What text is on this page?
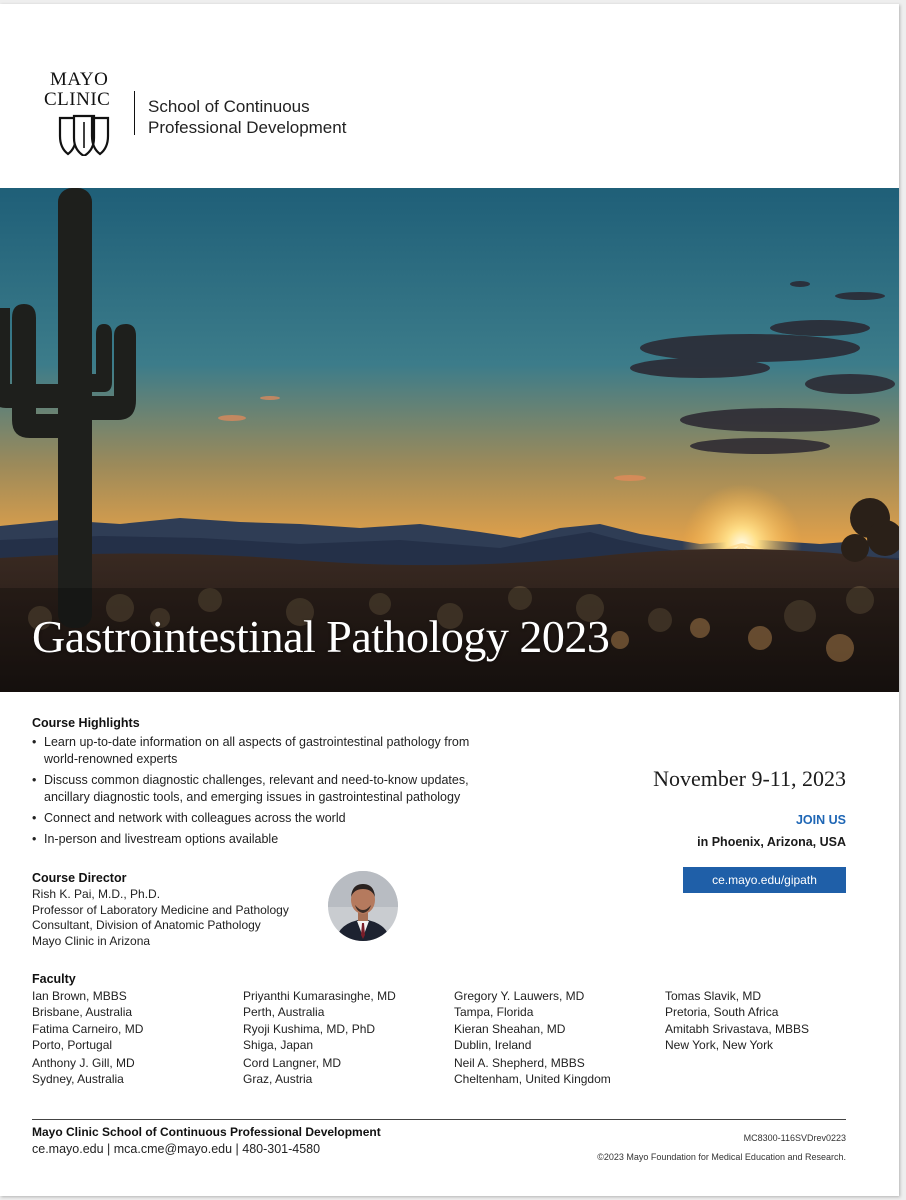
MAYO
CLINIC School of Continuous
Professional Development
Gastrointestinal Pathology 2023
Course Highlights
• Learn up-to-date information on all aspects of gastrointestinal pathology from world-renowned experts
• Discuss common diagnostic challenges, relevant and need-to-know updates, ancillary diagnostic tools, and emerging issues in gastrointestinal pathology
• Connect and network with colleagues across the world
• In-person and livestream options available
November 9-11, 2023
JOIN US
in Phoenix, Arizona, USA
ce.mayo.edu/gipath
Course Director
Rish K. Pai, M.D., Ph.D.
Professor of Laboratory Medicine and Pathology
Consultant, Division of Anatomic Pathology
Mayo Clinic in Arizona
Faculty
Ian Brown, MBBS
Brisbane, Australia
Fatima Carneiro, MD
Porto, Portugal
Anthony J. Gill, MD
Sydney, Australia
Priyanthi Kumarasinghe, MD
Perth, Australia
Ryoji Kushima, MD, PhD
Shiga, Japan
Cord Langner, MD
Graz, Austria
Gregory Y. Lauwers, MD
Tampa, Florida
Kieran Sheahan, MD
Dublin, Ireland
Neil A. Shepherd, MBBS
Cheltenham, United Kingdom
Tomas Slavik, MD
Pretoria, South Africa
Amitabh Srivastava, MBBS
New York, New York
Mayo Clinic School of Continuous Professional Development
ce.mayo.edu | mca.cme@mayo.edu | 480-301-4580
MC8300-116SVDrev0223
©2023 Mayo Foundation for Medical Education and Research.
